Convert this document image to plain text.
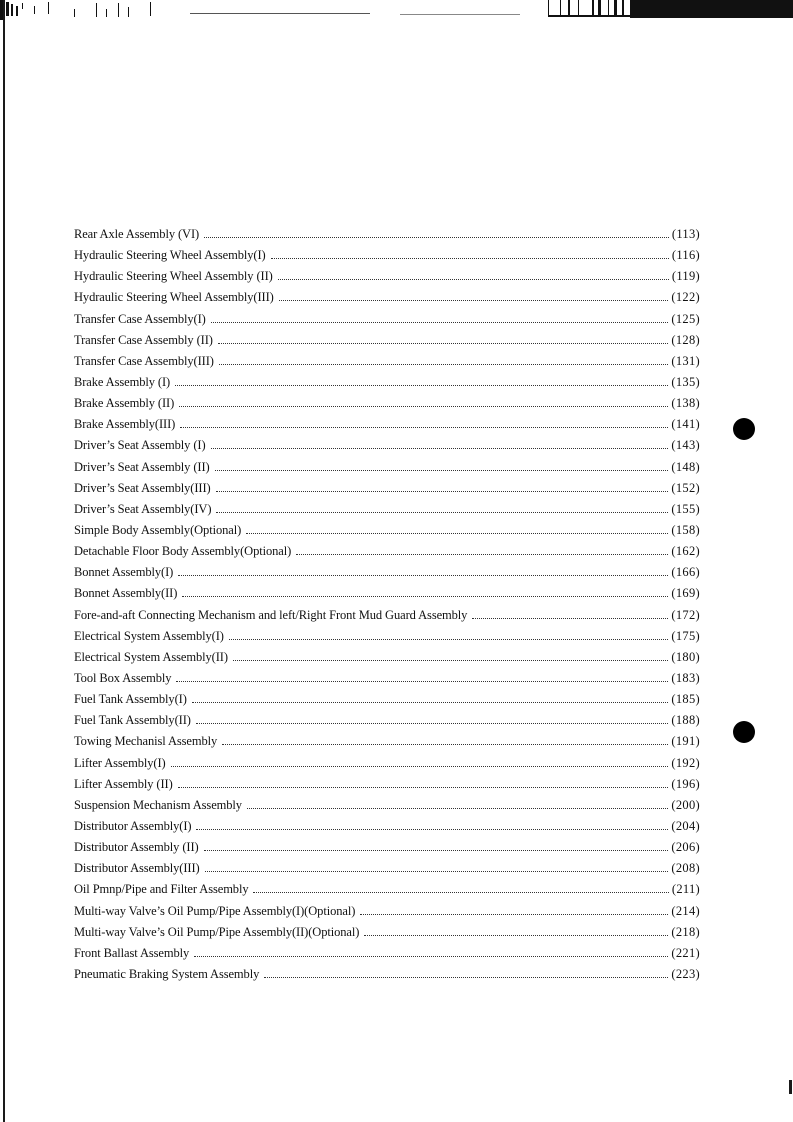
Rear Axle Assembly (VI)	(113)
Hydraulic Steering Wheel Assembly(I)	(116)
Hydraulic Steering Wheel Assembly (II)	(119)
Hydraulic Steering Wheel Assembly(III)	(122)
Transfer Case Assembly(I)	(125)
Transfer Case Assembly (II)	(128)
Transfer Case Assembly(III)	(131)
Brake Assembly (I)	(135)
Brake Assembly (II)	(138)
Brake Assembly(III)	(141)
Driver’s Seat Assembly (I)	(143)
Driver’s Seat Assembly (II)	(148)
Driver’s Seat Assembly(III)	(152)
Driver’s Seat Assembly(IV)	(155)
Simple Body Assembly(Optional)	(158)
Detachable Floor Body Assembly(Optional)	(162)
Bonnet Assembly(I)	(166)
Bonnet Assembly(II)	(169)
Fore-and-aft Connecting Mechanism and left/Right Front Mud Guard Assembly	(172)
Electrical System Assembly(I)	(175)
Electrical System Assembly(II)	(180)
Tool Box Assembly	(183)
Fuel Tank Assembly(I)	(185)
Fuel Tank Assembly(II)	(188)
Towing Mechanisl Assembly	(191)
Lifter Assembly(I)	(192)
Lifter Assembly (II)	(196)
Suspension Mechanism Assembly	(200)
Distributor Assembly(I)	(204)
Distributor Assembly (II)	(206)
Distributor Assembly(III)	(208)
Oil Pmnp/Pipe and Filter Assembly	(211)
Multi-way Valve’s Oil Pump/Pipe Assembly(I)(Optional)	(214)
Multi-way Valve’s Oil Pump/Pipe Assembly(II)(Optional)	(218)
Front Ballast Assembly	(221)
Pneumatic Braking System Assembly	(223)
